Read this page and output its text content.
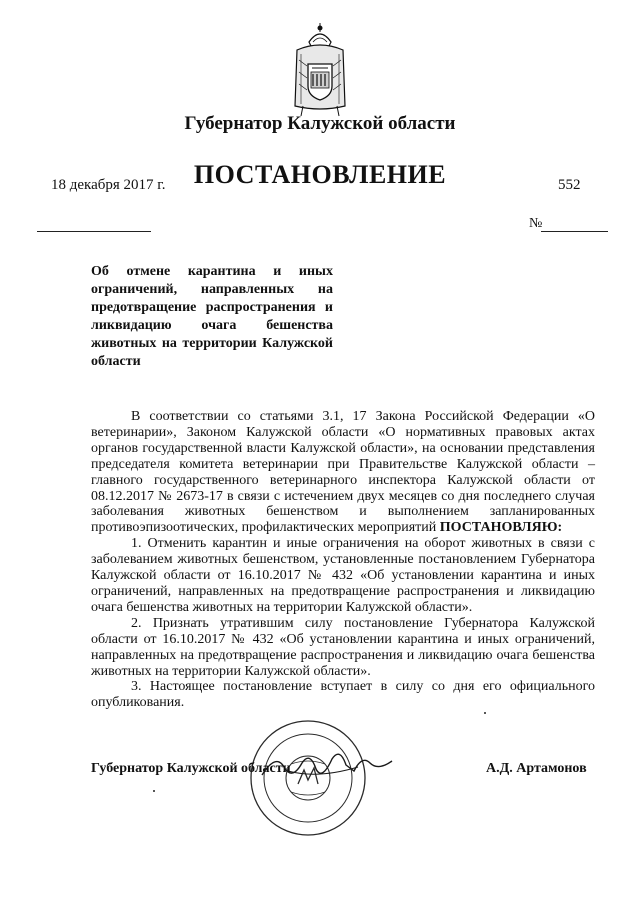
Губернатор Калужской области
ПОСТАНОВЛЕНИЕ
18 декабря 2017 г.	552
№
Об отмене карантина и иных ограничений, направленных на предотвращение распространения и ликвидацию очага бешенства животных на территории Калужской области

В соответствии со статьями 3.1, 17 Закона Российской Федерации «О ветеринарии», Законом Калужской области «О нормативных правовых актах органов государственной власти Калужской области», на основании представления председателя комитета ветеринарии при Правительстве Калужской области – главного государственного ветеринарного инспектора Калужской области от 08.12.2017 № 2673-17 в связи с истечением двух месяцев со дня последнего случая заболевания животных бешенством и выполнением запланированных противоэпизоотических, профилактических мероприятий ПОСТАНОВЛЯЮ:

1. Отменить карантин и иные ограничения на оборот животных в связи с заболеванием животных бешенством, установленные постановлением Губернатора Калужской области от 16.10.2017 № 432 «Об установлении карантина и иных ограничений, направленных на предотвращение распространения и ликвидацию очага бешенства животных на территории Калужской области».

2. Признать утратившим силу постановление Губернатора Калужской области от 16.10.2017 № 432 «Об установлении карантина и иных ограничений, направленных на предотвращение распространения и ликвидацию очага бешенства животных на территории Калужской области».

3. Настоящее постановление вступает в силу со дня его официального опубликования.

Губернатор Калужской области	А.Д. Артамонов
